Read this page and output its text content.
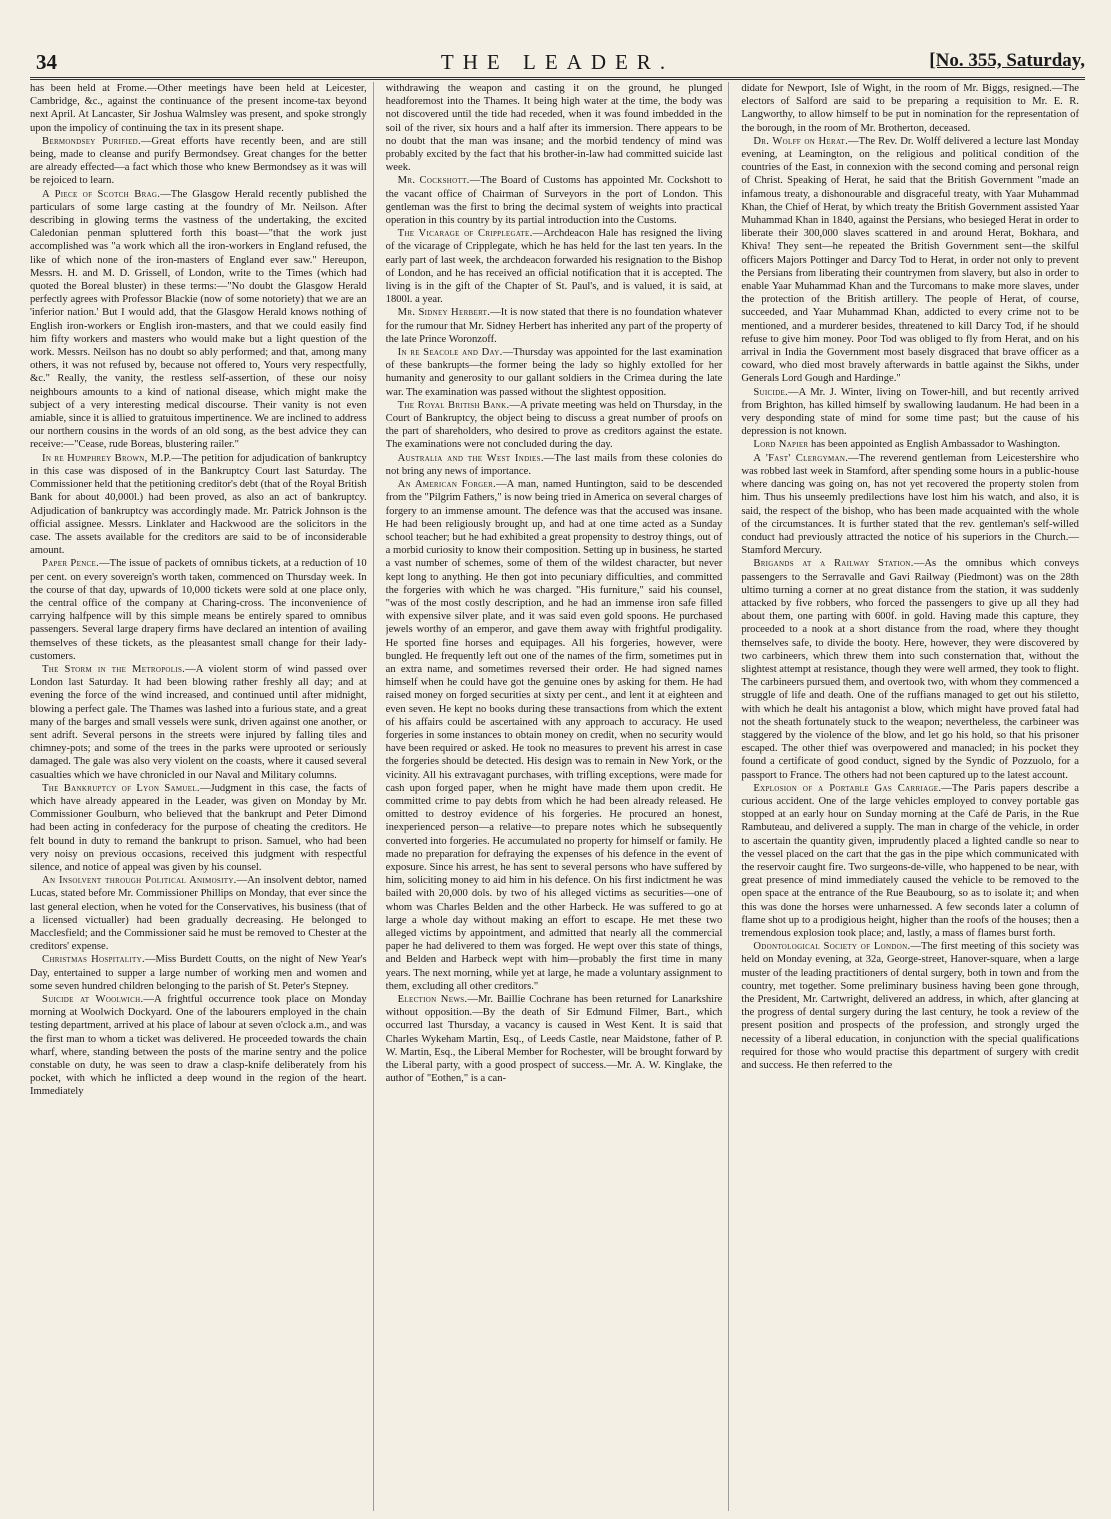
34	THE LEADER.	[No. 355, Saturday,

has been held at Frome.—Other meetings have been held at Leicester, Cambridge, &c., against the continuance of the present income-tax beyond next April. At Lancaster, Sir Joshua Walmsley was present, and spoke strongly upon the impolicy of continuing the tax in its present shape.

Bermondsey Purified.—Great efforts have recently been, and are still being, made to cleanse and purify Bermondsey. Great changes for the better are already effected—a fact which those who knew Bermondsey as it was will be rejoiced to learn.

A Piece of Scotch Brag.—The Glasgow Herald recently published the particulars of some large casting at the foundry of Mr. Neilson. After describing in glowing terms the vastness of the undertaking, the excited Caledonian penman spluttered forth this boast—"that the work just accomplished was "a work which all the iron-workers in England refused, the like of which none of the iron-masters of England ever saw." Hereupon, Messrs. H. and M. D. Grissell, of London, write to the Times (which had quoted the Boreal bluster) in these terms:—"No doubt the Glasgow Herald perfectly agrees with Professor Blackie (now of some notoriety) that we are an 'inferior nation.' But I would add, that the Glasgow Herald knows nothing of English iron-workers or English iron-masters, and that we could easily find him fifty workers and masters who would make but a light question of the work. Messrs. Neilson has no doubt so ably performed; and that, among many others, it was not refused by, because not offered to, Yours very respectfully, &c." Really, the vanity, the restless self-assertion, of these our noisy neighbours amounts to a kind of national disease, which might make the subject of a very interesting medical discourse. Their vanity is not even amiable, since it is allied to gratuitous impertinence. We are inclined to address our northern cousins in the words of an old song, as the best advice they can receive:—"Cease, rude Boreas, blustering railer."

In re Humphrey Brown, M.P.—The petition for adjudication of bankruptcy in this case was disposed of in the Bankruptcy Court last Saturday. The Commissioner held that the petitioning creditor's debt (that of the Royal British Bank for about 40,000l.) had been proved, as also an act of bankruptcy. Adjudication of bankruptcy was accordingly made. Mr. Patrick Johnson is the official assignee. Messrs. Linklater and Hackwood are the solicitors in the case. The assets available for the creditors are said to be of inconsiderable amount.

Paper Pence.—The issue of packets of omnibus tickets, at a reduction of 10 per cent. on every sovereign's worth taken, commenced on Thursday week. In the course of that day, upwards of 10,000 tickets were sold at one place only, the central office of the company at Charing-cross. The inconvenience of carrying halfpence will by this simple means be entirely spared to omnibus passengers. Several large drapery firms have declared an intention of availing themselves of these tickets, as the pleasantest small change for their lady-customers.

The Storm in the Metropolis.—A violent storm of wind passed over London last Saturday. It had been blowing rather freshly all day; and at evening the force of the wind increased, and continued until after midnight, blowing a perfect gale. The Thames was lashed into a furious state, and a great many of the barges and small vessels were sunk, driven against one another, or sent adrift. Several persons in the streets were injured by falling tiles and chimney-pots; and some of the trees in the parks were uprooted or seriously damaged. The gale was also very violent on the coasts, where it caused several casualties which we have chronicled in our Naval and Military columns.

The Bankruptcy of Lyon Samuel.—Judgment in this case, the facts of which have already appeared in the Leader, was given on Monday by Mr. Commissioner Goulburn, who believed that the bankrupt and Peter Dimond had been acting in confederacy for the purpose of cheating the creditors. He felt bound in duty to remand the bankrupt to prison. Samuel, who had been very noisy on previous occasions, received this judgment with respectful silence, and notice of appeal was given by his counsel.

An Insolvent through Political Animosity.—An insolvent debtor, named Lucas, stated before Mr. Commissioner Phillips on Monday, that ever since the last general election, when he voted for the Conservatives, his business (that of a licensed victualler) had been gradually decreasing. He belonged to Macclesfield; and the Commissioner said he must be removed to Chester at the creditors' expense.

Christmas Hospitality.—Miss Burdett Coutts, on the night of New Year's Day, entertained to supper a large number of working men and women and some seven hundred children belonging to the parish of St. Peter's Stepney.

Suicide at Woolwich.—A frightful occurrence took place on Monday morning at Woolwich Dockyard. One of the labourers employed in the chain testing department, arrived at his place of labour at seven o'clock a.m., and was the first man to whom a ticket was delivered. He proceeded towards the chain wharf, where, standing between the posts of the marine sentry and the police constable on duty, he was seen to draw a clasp-knife deliberately from his pocket, with which he inflicted a deep wound in the region of the heart. Immediately

withdrawing the weapon and casting it on the ground, he plunged headforemost into the Thames. It being high water at the time, the body was not discovered until the tide had receded, when it was found imbedded in the soil of the river, six hours and a half after its immersion. There appears to be no doubt that the man was insane; and the morbid tendency of mind was probably excited by the fact that his brother-in-law had committed suicide last week.

Mr. Cockshott.—The Board of Customs has appointed Mr. Cockshott to the vacant office of Chairman of Surveyors in the port of London. This gentleman was the first to bring the decimal system of weights into practical operation in this country by its partial introduction into the Customs.

The Vicarage of Cripplegate.—Archdeacon Hale has resigned the living of the vicarage of Cripplegate, which he has held for the last ten years. In the early part of last week, the archdeacon forwarded his resignation to the Bishop of London, and he has received an official notification that it is accepted. The living is in the gift of the Chapter of St. Paul's, and is valued, it is said, at 1800l. a year.

Mr. Sidney Herbert.—It is now stated that there is no foundation whatever for the rumour that Mr. Sidney Herbert has inherited any part of the property of the late Prince Woronzoff.

In re Seacole and Day.—Thursday was appointed for the last examination of these bankrupts—the former being the lady so highly extolled for her humanity and generosity to our gallant soldiers in the Crimea during the late war. The examination was passed without the slightest opposition.

The Royal British Bank.—A private meeting was held on Thursday, in the Court of Bankruptcy, the object being to discuss a great number of proofs on the part of shareholders, who desired to prove as creditors against the estate. The examinations were not concluded during the day.

Australia and the West Indies.—The last mails from these colonies do not bring any news of importance.

An American Forger.—A man, named Huntington, said to be descended from the "Pilgrim Fathers," is now being tried in America on several charges of forgery to an immense amount. The defence was that the accused was insane. He had been religiously brought up, and had at one time acted as a Sunday school teacher; but he had exhibited a great propensity to destroy things, out of a morbid curiosity to know their composition. Setting up in business, he started a vast number of schemes, some of them of the wildest character, but never kept long to anything. He then got into pecuniary difficulties, and committed the forgeries with which he was charged. "His furniture," said his counsel, "was of the most costly description, and he had an immense iron safe filled with expensive silver plate, and it was said even gold spoons. He purchased jewels worthy of an emperor, and gave them away with frightful prodigality. He sported fine horses and equipages. All his forgeries, however, were bungled. He frequently left out one of the names of the firm, sometimes put in an extra name, and sometimes reversed their order. He had signed names himself when he could have got the genuine ones by asking for them. He had raised money on forged securities at sixty per cent., and lent it at eighteen and even seven. He kept no books during these transactions from which the extent of his affairs could be ascertained with any approach to accuracy. He used forgeries in some instances to obtain money on credit, when no security would have been required or asked. He took no measures to prevent his arrest in case the forgeries should be detected. His design was to remain in New York, or the vicinity. All his extravagant purchases, with trifling exceptions, were made for cash upon forged paper, when he might have made them upon credit. He committed crime to pay debts from which he had been already released. He omitted to destroy evidence of his forgeries. He procured an honest, inexperienced person—a relative—to prepare notes which he subsequently converted into forgeries. He accumulated no property for himself or family. He made no preparation for defraying the expenses of his defence in the event of exposure. Since his arrest, he has sent to several persons who have suffered by him, soliciting money to aid him in his defence. On his first indictment he was bailed with 20,000 dols. by two of his alleged victims as securities—one of whom was Charles Belden and the other Harbeck. He was suffered to go at large a whole day without making an effort to escape. He met these two alleged victims by appointment, and admitted that nearly all the commercial paper he had delivered to them was forged. He wept over this state of things, and Belden and Harbeck wept with him—probably the first time in many years. The next morning, while yet at large, he made a voluntary assignment to them, excluding all other creditors."

Election News.—Mr. Baillie Cochrane has been returned for Lanarkshire without opposition.—By the death of Sir Edmund Filmer, Bart., which occurred last Thursday, a vacancy is caused in West Kent. It is said that Charles Wykeham Martin, Esq., of Leeds Castle, near Maidstone, father of P. W. Martin, Esq., the Liberal Member for Rochester, will be brought forward by the Liberal party, with a good prospect of success.—Mr. A. W. Kinglake, the author of "Eothen," is a can-

didate for Newport, Isle of Wight, in the room of Mr. Biggs, resigned.—The electors of Salford are said to be preparing a requisition to Mr. E. R. Langworthy, to allow himself to be put in nomination for the representation of the borough, in the room of Mr. Brotherton, deceased.

Dr. Wolff on Herat.—The Rev. Dr. Wolff delivered a lecture last Monday evening, at Leamington, on the religious and political condition of the countries of the East, in connexion with the second coming and personal reign of Christ. Speaking of Herat, he said that the British Government "made an infamous treaty, a dishonourable and disgraceful treaty, with Yaar Muhammad Khan, the Chief of Herat, by which treaty the British Government assisted Yaar Muhammad Khan in 1840, against the Persians, who besieged Herat in order to liberate their 300,000 slaves scattered in and around Herat, Bokhara, and Khiva! They sent—he repeated the British Government sent—the skilful officers Majors Pottinger and Darcy Tod to Herat, in order not only to prevent the Persians from liberating their countrymen from slavery, but also in order to enable Yaar Muhammad Khan and the Turcomans to make more slaves, under the protection of the British artillery. The people of Herat, of course, succeeded, and Yaar Muhammad Khan, addicted to every crime not to be mentioned, and a murderer besides, threatened to kill Darcy Tod, if he should refuse to give him money. Poor Tod was obliged to fly from Herat, and on his arrival in India the Government most basely disgraced that brave officer as a coward, who died most bravely afterwards in battle against the Sikhs, under Generals Lord Gough and Hardinge."

Suicide.—A Mr. J. Winter, living on Tower-hill, and but recently arrived from Brighton, has killed himself by swallowing laudanum. He had been in a very desponding state of mind for some time past; but the cause of his depression is not known.

Lord Napier has been appointed as English Ambassador to Washington.

A 'Fast' Clergyman.—The reverend gentleman from Leicestershire who was robbed last week in Stamford, after spending some hours in a public-house where dancing was going on, has not yet recovered the property stolen from him. Thus his unseemly predilections have lost him his watch, and also, it is said, the respect of the bishop, who has been made acquainted with the whole of the circumstances. It is further stated that the rev. gentleman's self-willed conduct had previously attracted the notice of his superiors in the Church.—Stamford Mercury.

Brigands at a Railway Station.—As the omnibus which conveys passengers to the Serravalle and Gavi Railway (Piedmont) was on the 28th ultimo turning a corner at no great distance from the station, it was suddenly attacked by five robbers, who forced the passengers to give up all they had about them, one parting with 600f. in gold. Having made this capture, they proceeded to a nook at a short distance from the road, where they thought themselves safe, to divide the booty. Here, however, they were discovered by two carbineers, which threw them into such consternation that, without the slightest attempt at resistance, though they were well armed, they took to flight. The carbineers pursued them, and overtook two, with whom they commenced a struggle of life and death. One of the ruffians managed to get out his stiletto, with which he dealt his antagonist a blow, which might have proved fatal had not the sheath fortunately stuck to the weapon; nevertheless, the carbineer was staggered by the violence of the blow, and let go his hold, so that his prisoner escaped. The other thief was overpowered and manacled; in his pocket they found a certificate of good conduct, signed by the Syndic of Pozzuolo, for a passport to France. The others had not been captured up to the latest account.

Explosion of a Portable Gas Carriage.—The Paris papers describe a curious accident. One of the large vehicles employed to convey portable gas stopped at an early hour on Sunday morning at the Café de Paris, in the Rue Rambuteau, and delivered a supply. The man in charge of the vehicle, in order to ascertain the quantity given, imprudently placed a lighted candle so near to the vessel placed on the cart that the gas in the pipe which communicated with the reservoir caught fire. Two surgeons-de-ville, who happened to be near, with great presence of mind immediately caused the vehicle to be removed to the open space at the entrance of the Rue Beaubourg, so as to isolate it; and when this was done the horses were unharnessed. A few seconds later a column of flame shot up to a prodigious height, higher than the roofs of the houses; then a tremendous explosion took place; and, lastly, a mass of flames burst forth.

Odontological Society of London.—The first meeting of this society was held on Monday evening, at 32a, George-street, Hanover-square, when a large muster of the leading practitioners of dental surgery, both in town and from the country, met together. Some preliminary business having been gone through, the President, Mr. Cartwright, delivered an address, in which, after glancing at the progress of dental surgery during the last century, he took a review of the present position and prospects of the profession, and strongly urged the necessity of a liberal education, in conjunction with the special qualifications required for those who would practise this department of surgery with credit and success. He then referred to the
